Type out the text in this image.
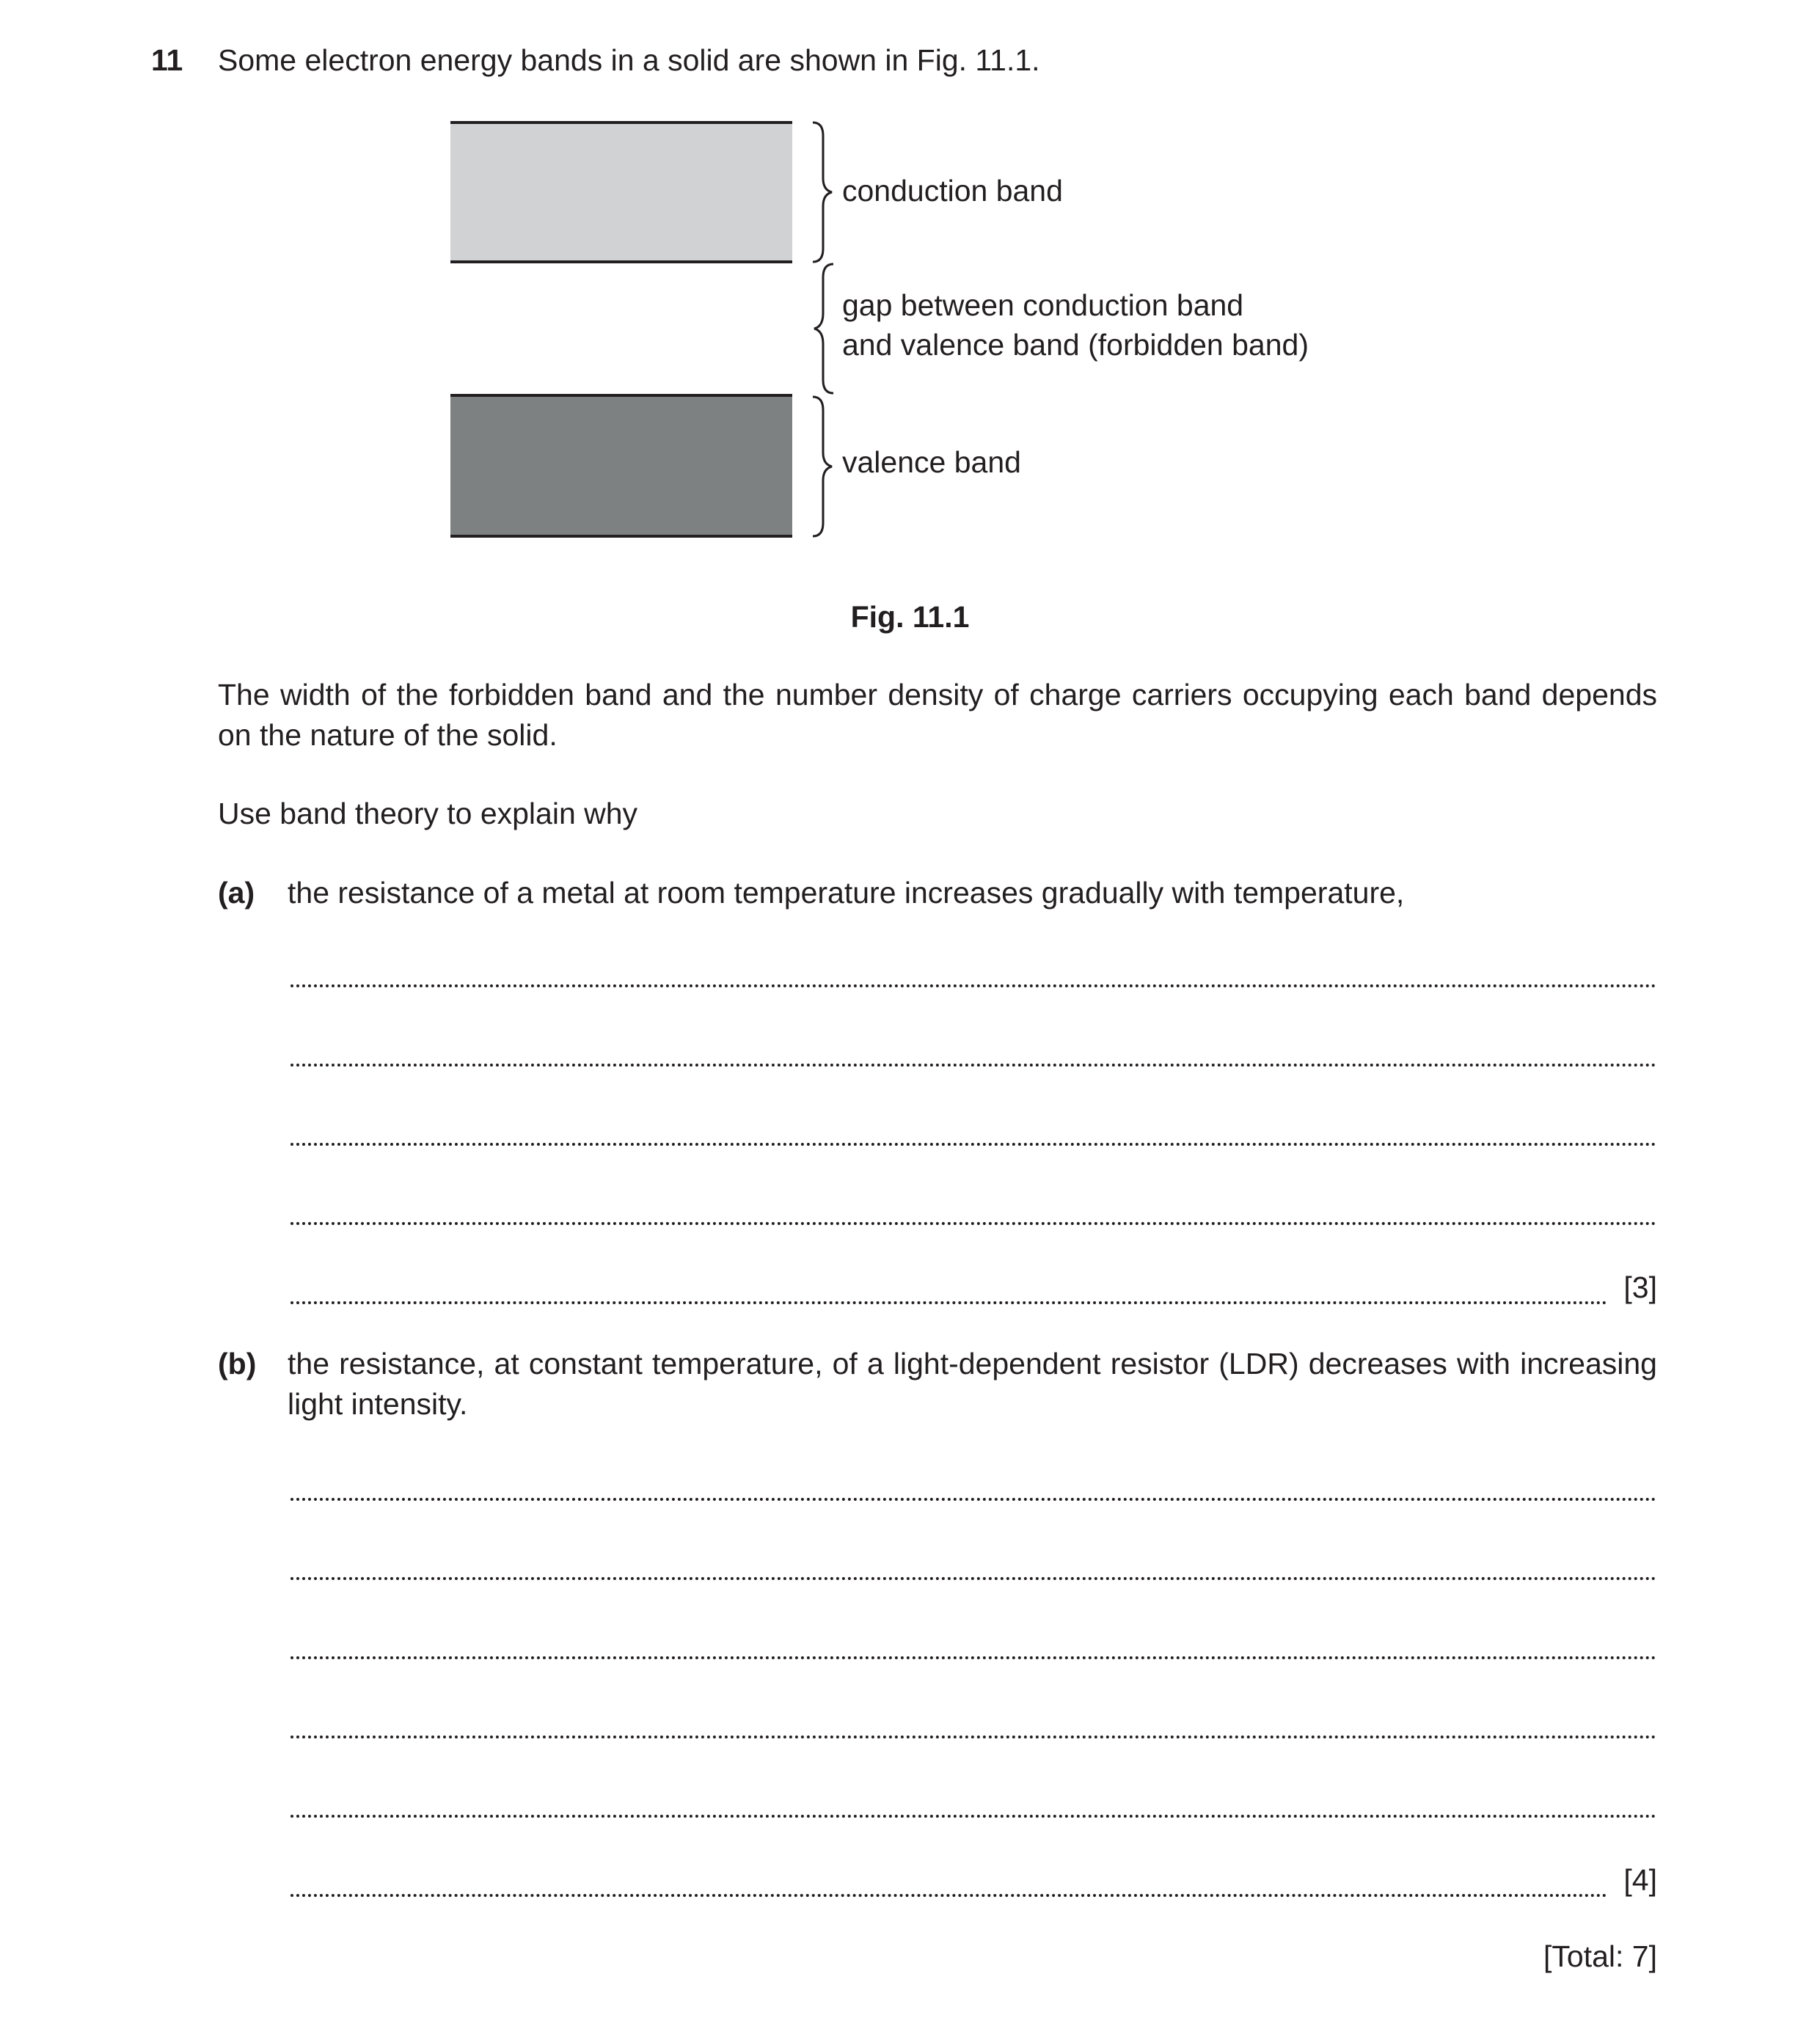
11 Some electron energy bands in a solid are shown in Fig. 11.1.
conduction band
gap between conduction band
and valence band (forbidden band)
valence band
Fig. 11.1
The width of the forbidden band and the number density of charge carriers occupying each band depends on the nature of the solid.
Use band theory to explain why
(a) the resistance of a metal at room temperature increases gradually with temperature,
[3]
(b) the resistance, at constant temperature, of a light-dependent resistor (LDR) decreases with increasing light intensity.
[4]
[Total: 7]
